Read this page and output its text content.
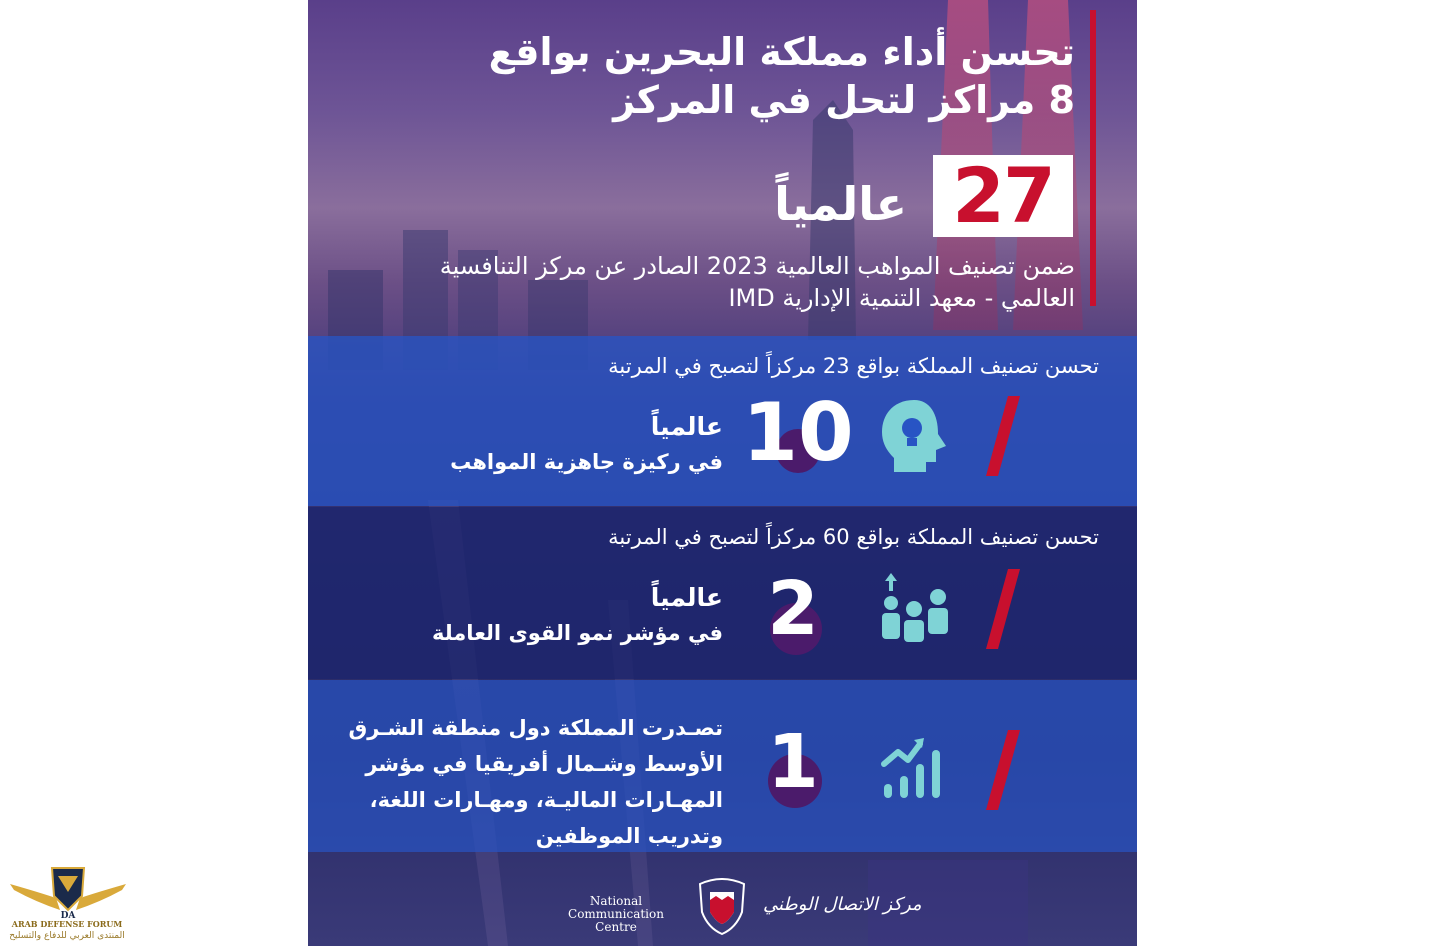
تحسن أداء مملكة البحرين بواقع 8 مراكز لتحل في المركز
27
عالمياً
ضمن تصنيف المواهب العالمية 2023 الصادر عن مركز التنافسية العالمي - معهد التنمية الإدارية IMD
تحسن تصنيف المملكة بواقع 23 مركزاً لتصبح في المرتبة
10
عالمياً
في ركيزة جاهزية المواهب
تحسن تصنيف المملكة بواقع 60 مركزاً لتصبح في المرتبة
2
عالمياً
في مؤشر نمو القوى العاملة
1
تصـدرت المملكة دول منطقة الشـرق الأوسط وشـمال أفريقيا في مؤشر المهـارات الماليـة، ومهـارات اللغة، وتدريب الموظفين
National Communication Centre
مركز الاتصال الوطني
DA
ARAB DEFENSE FORUM
المنتدى العربي للدفاع والتسليح
